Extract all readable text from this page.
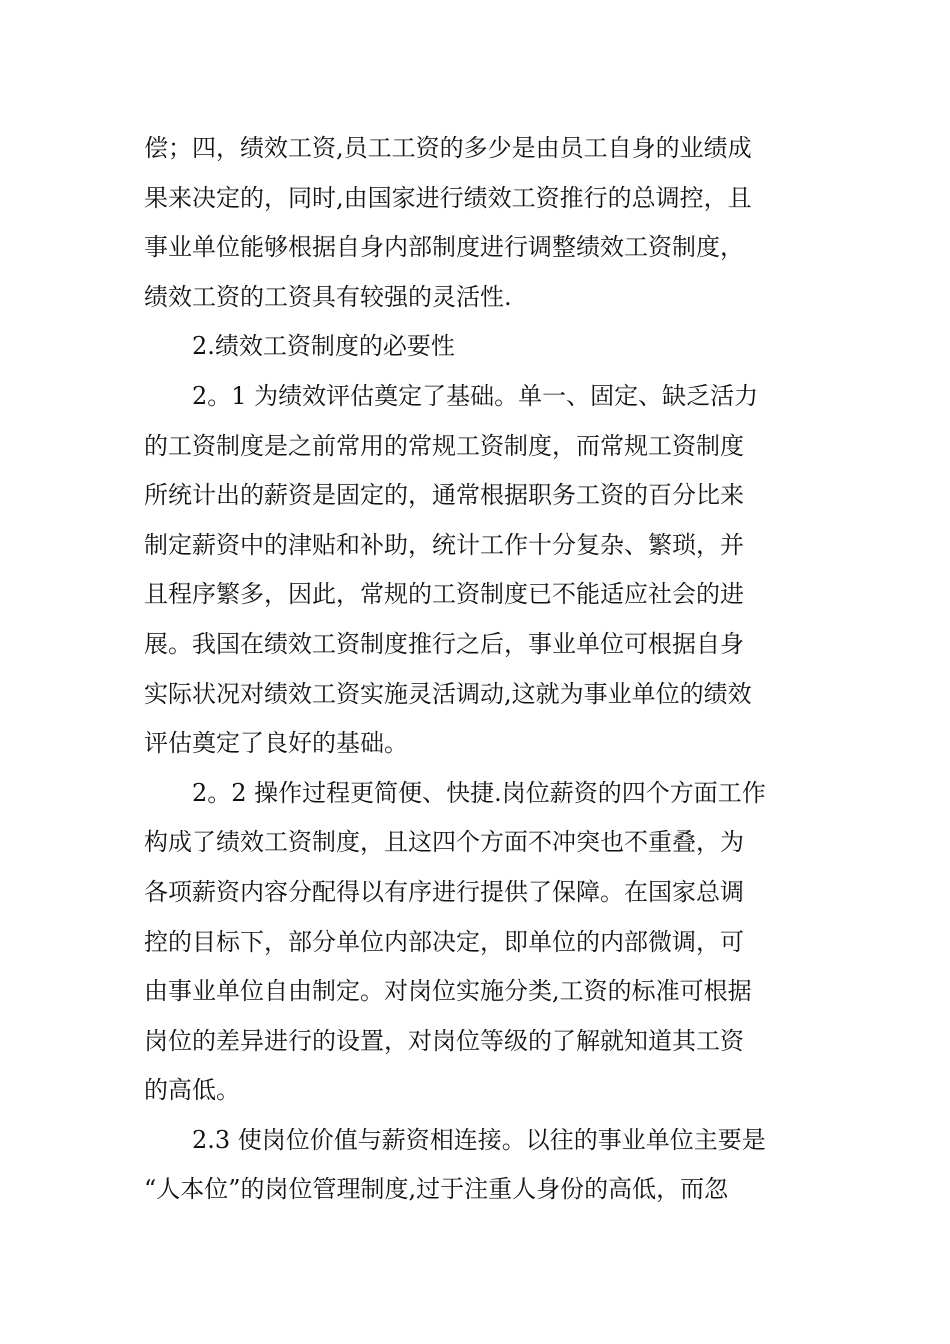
偿；四，绩效工资,员工工资的多少是由员工自身的业绩成
果来决定的，同时,由国家进行绩效工资推行的总调控，且
事业单位能够根据自身内部制度进行调整绩效工资制度，
绩效工资的工资具有较强的灵活性.
2.绩效工资制度的必要性
2。1 为绩效评估奠定了基础。单一、固定、缺乏活力
的工资制度是之前常用的常规工资制度，而常规工资制度
所统计出的薪资是固定的，通常根据职务工资的百分比来
制定薪资中的津贴和补助，统计工作十分复杂、繁琐，并
且程序繁多，因此，常规的工资制度已不能适应社会的进
展。我国在绩效工资制度推行之后，事业单位可根据自身
实际状况对绩效工资实施灵活调动,这就为事业单位的绩效
评估奠定了良好的基础。
2。2 操作过程更简便、快捷.岗位薪资的四个方面工作
构成了绩效工资制度，且这四个方面不冲突也不重叠，为
各项薪资内容分配得以有序进行提供了保障。在国家总调
控的目标下，部分单位内部决定，即单位的内部微调，可
由事业单位自由制定。对岗位实施分类,工资的标准可根据
岗位的差异进行的设置，对岗位等级的了解就知道其工资
的高低。
2.3 使岗位价值与薪资相连接。以往的事业单位主要是
“人本位”的岗位管理制度,过于注重人身份的高低，而忽
